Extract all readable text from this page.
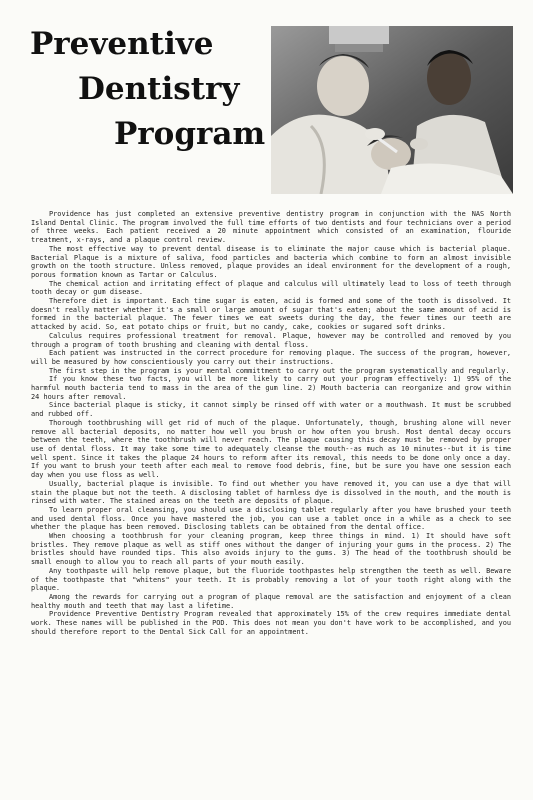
Preventive
Dentistry
Program

Providence has just completed an extensive preventive dentistry program in conjunction with the NAS North Island Dental Clinic. The program involved the full time efforts of two dentists and four technicians over a period of three weeks. Each patient received a 20 minute appointment which consisted of an examination, flouride treatment, x-rays, and a plaque control review.

The most effective way to prevent dental disease is to eliminate the major cause which is bacterial plaque. Bacterial Plaque is a mixture of saliva, food particles and bacteria which combine to form an almost invisible growth on the tooth structure. Unless removed, plaque provides an ideal environment for the development of a rough, porous formation known as Tartar or Calculus.

The chemical action and irritating effect of plaque and calculus will ultimately lead to loss of teeth through tooth decay or gum disease.

Therefore diet is important. Each time sugar is eaten, acid is formed and some of the tooth is dissolved. It doesn't really matter whether it's a small or large amount of sugar that's eaten; about the same amount of acid is formed in the bacterial plaque. The fewer times we eat sweets during the day, the fewer times our teeth are attacked by acid. So, eat potato chips or fruit, but no candy, cake, cookies or sugared soft drinks.

Calculus requires professional treatment for removal. Plaque, however may be controlled and removed by you through a program of tooth brushing and cleaning with dental floss.

Each patient was instructed in the correct procedure for removing plaque. The success of the program, however, will be measured by how conscientiously you carry out their instructions.

The first step in the program is your mental committment to carry out the program systematically and regularly.

If you know these two facts, you will be more likely to carry out your program effectively: 1) 95% of the harmful mouth bacteria tend to mass in the area of the gum line. 2) Mouth bacteria can reorganize and grow within 24 hours after removal.

Since bacterial plaque is sticky, it cannot simply be rinsed off with water or a mouthwash. It must be scrubbed and rubbed off.

Thorough toothbrushing will get rid of much of the plaque. Unfortunately, though, brushing alone will never remove all bacterial deposits, no matter how well you brush or how often you brush. Most dental decay occurs between the teeth, where the toothbrush will never reach. The plaque causing this decay must be removed by proper use of dental floss. It may take some time to adequately cleanse the mouth--as much as 10 minutes--but it is time well spent. Since it takes the plaque 24 hours to reform after its removal, this needs to be done only once a day. If you want to brush your teeth after each meal to remove food debris, fine, but be sure you have one session each day when you use floss as well.

Usually, bacterial plaque is invisible. To find out whether you have removed it, you can use a dye that will stain the plaque but not the teeth. A disclosing tablet of harmless dye is dissolved in the mouth, and the mouth is rinsed with water. The stained areas on the teeth are deposits of plaque.

To learn proper oral cleansing, you should use a disclosing tablet regularly after you have brushed your teeth and used dental floss. Once you have mastered the job, you can use a tablet once in a while as a check to see whether the plaque has been removed. Disclosing tablets can be obtained from the dental office.

When choosing a toothbrush for your cleaning program, keep three things in mind. 1) It should have soft bristles. They remove plaque as well as stiff ones without the danger of injuring your gums in the process. 2) The bristles should have rounded tips. This also avoids injury to the gums. 3) The head of the toothbrush should be small enough to allow you to reach all parts of your mouth easily.

Any toothpaste will help remove plaque, but the fluoride toothpastes help strengthen the teeth as well. Beware of the toothpaste that "whitens" your teeth. It is probably removing a lot of your tooth right along with the plaque.

Among the rewards for carrying out a program of plaque removal are the satisfaction and enjoyment of a clean healthy mouth and teeth that may last a lifetime.

Providence Preventive Dentistry Program revealed that approximately 15% of the crew requires immediate dental work. These names will be published in the POD. This does not mean you don't have work to be accomplished, and you should therefore report to the Dental Sick Call for an appointment.
